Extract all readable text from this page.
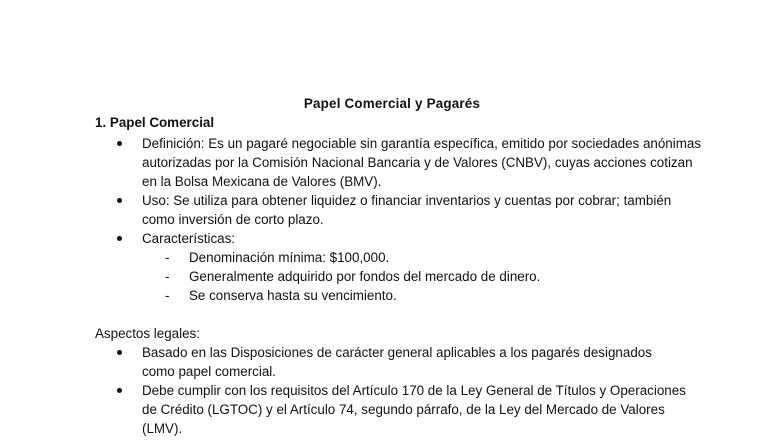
Papel Comercial y Pagarés
1. Papel Comercial
Definición: Es un pagaré negociable sin garantía específica, emitido por sociedades anónimas autorizadas por la Comisión Nacional Bancaria y de Valores (CNBV), cuyas acciones cotizan en la Bolsa Mexicana de Valores (BMV).
Uso: Se utiliza para obtener liquidez o financiar inventarios y cuentas por cobrar; también como inversión de corto plazo.
Características:
- Denominación mínima: $100,000.
- Generalmente adquirido por fondos del mercado de dinero.
- Se conserva hasta su vencimiento.
Aspectos legales:
Basado en las Disposiciones de carácter general aplicables a los pagarés designados como papel comercial.
Debe cumplir con los requisitos del Artículo 170 de la Ley General de Títulos y Operaciones de Crédito (LGTOC) y el Artículo 74, segundo párrafo, de la Ley del Mercado de Valores (LMV).
